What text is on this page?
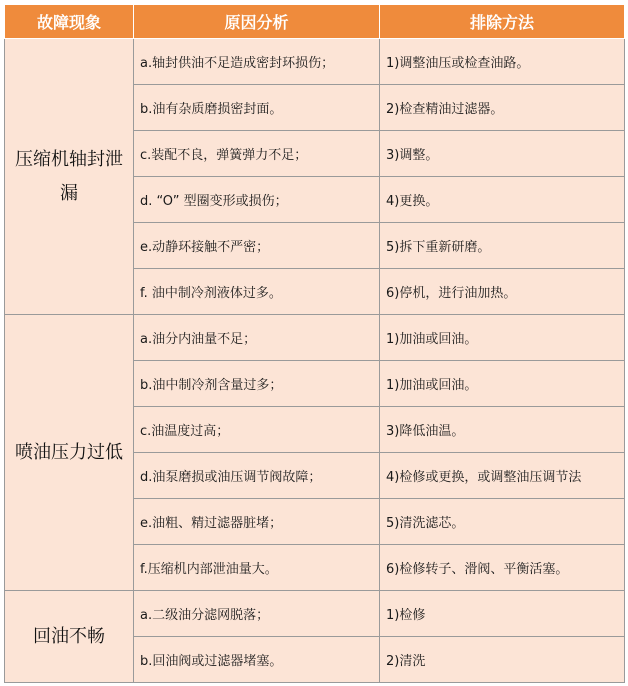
故障现象	原因分析	排除方法
压缩机轴封泄漏	a.轴封供油不足造成密封环损伤；	1)调整油压或检查油路。
	b.油有杂质磨损密封面。	2)检查精油过滤器。
	c.装配不良，弹簧弹力不足；	3)调整。
	d. “O” 型圈变形或损伤；	4)更换。
	e.动静环接触不严密；	5)拆下重新研磨。
	f. 油中制冷剂液体过多。	6)停机，进行油加热。
喷油压力过低	a.油分内油量不足；	1)加油或回油。
	b.油中制冷剂含量过多；	1)加油或回油。
	c.油温度过高；	3)降低油温。
	d.油泵磨损或油压调节阀故障；	4)检修或更换，或调整油压调节法
	e.油粗、精过滤器脏堵；	5)清洗滤芯。
	f.压缩机内部泄油量大。	6)检修转子、滑阀、平衡活塞。
回油不畅	a.二级油分滤网脱落；	1)检修
	b.回油阀或过滤器堵塞。	2)清洗
